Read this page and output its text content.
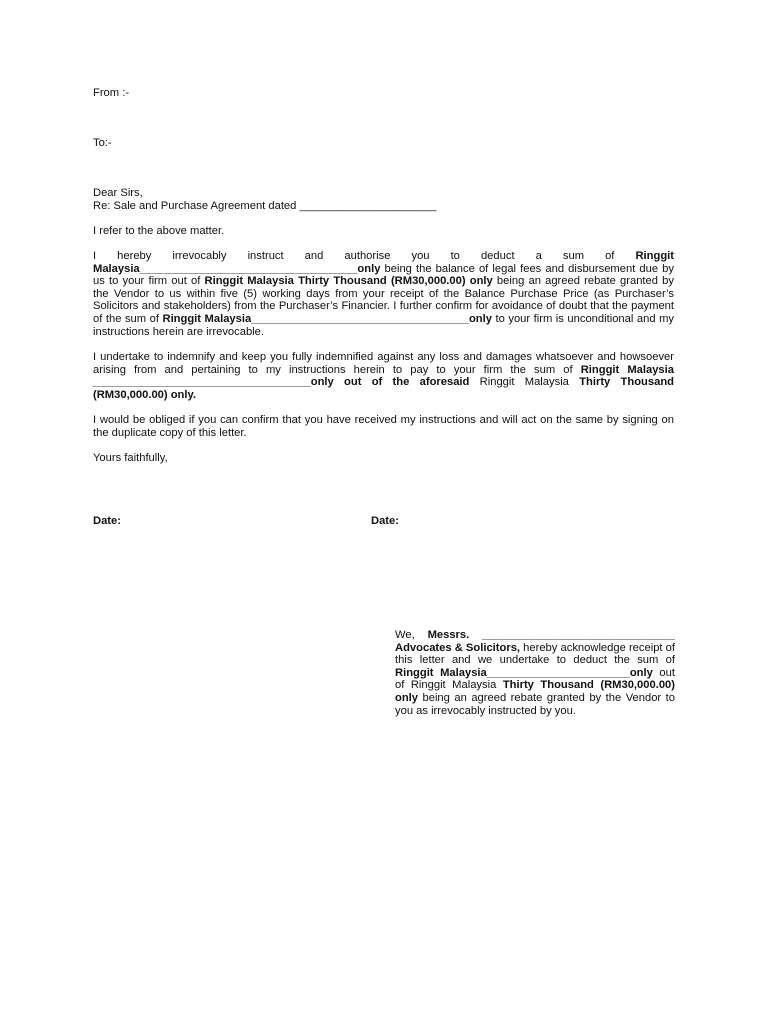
From :-

To:-

Dear Sirs,

Re: Sale and Purchase Agreement dated ______________________

I refer to the above matter.

I hereby irrevocably instruct and authorise you to deduct a sum of Ringgit Malaysia___________________________________only being the balance of legal fees and disbursement due by us to your firm out of Ringgit Malaysia Thirty Thousand (RM30,000.00) only being an agreed rebate granted by the Vendor to us within five (5) working days from your receipt of the Balance Purchase Price (as Purchaser’s Solicitors and stakeholders) from the Purchaser’s Financier. I further confirm for avoidance of doubt that the payment of the sum of Ringgit Malaysia___________________________________only to your firm is unconditional and my instructions herein are irrevocable.

I undertake to indemnify and keep you fully indemnified against any loss and damages whatsoever and howsoever arising from and pertaining to my instructions herein to pay to your firm the sum of Ringgit Malaysia ___________________________________only out of the aforesaid Ringgit Malaysia Thirty Thousand (RM30,000.00) only.

I would be obliged if you can confirm that you have received my instructions and will act on the same by signing on the duplicate copy of this letter.

Yours faithfully,

Date:	Date:

We, Messrs. _______________________________ Advocates & Solicitors, hereby acknowledge receipt of this letter and we undertake to deduct the sum of Ringgit Malaysia_______________________only out of Ringgit Malaysia Thirty Thousand (RM30,000.00) only being an agreed rebate granted by the Vendor to you as irrevocably instructed by you.
